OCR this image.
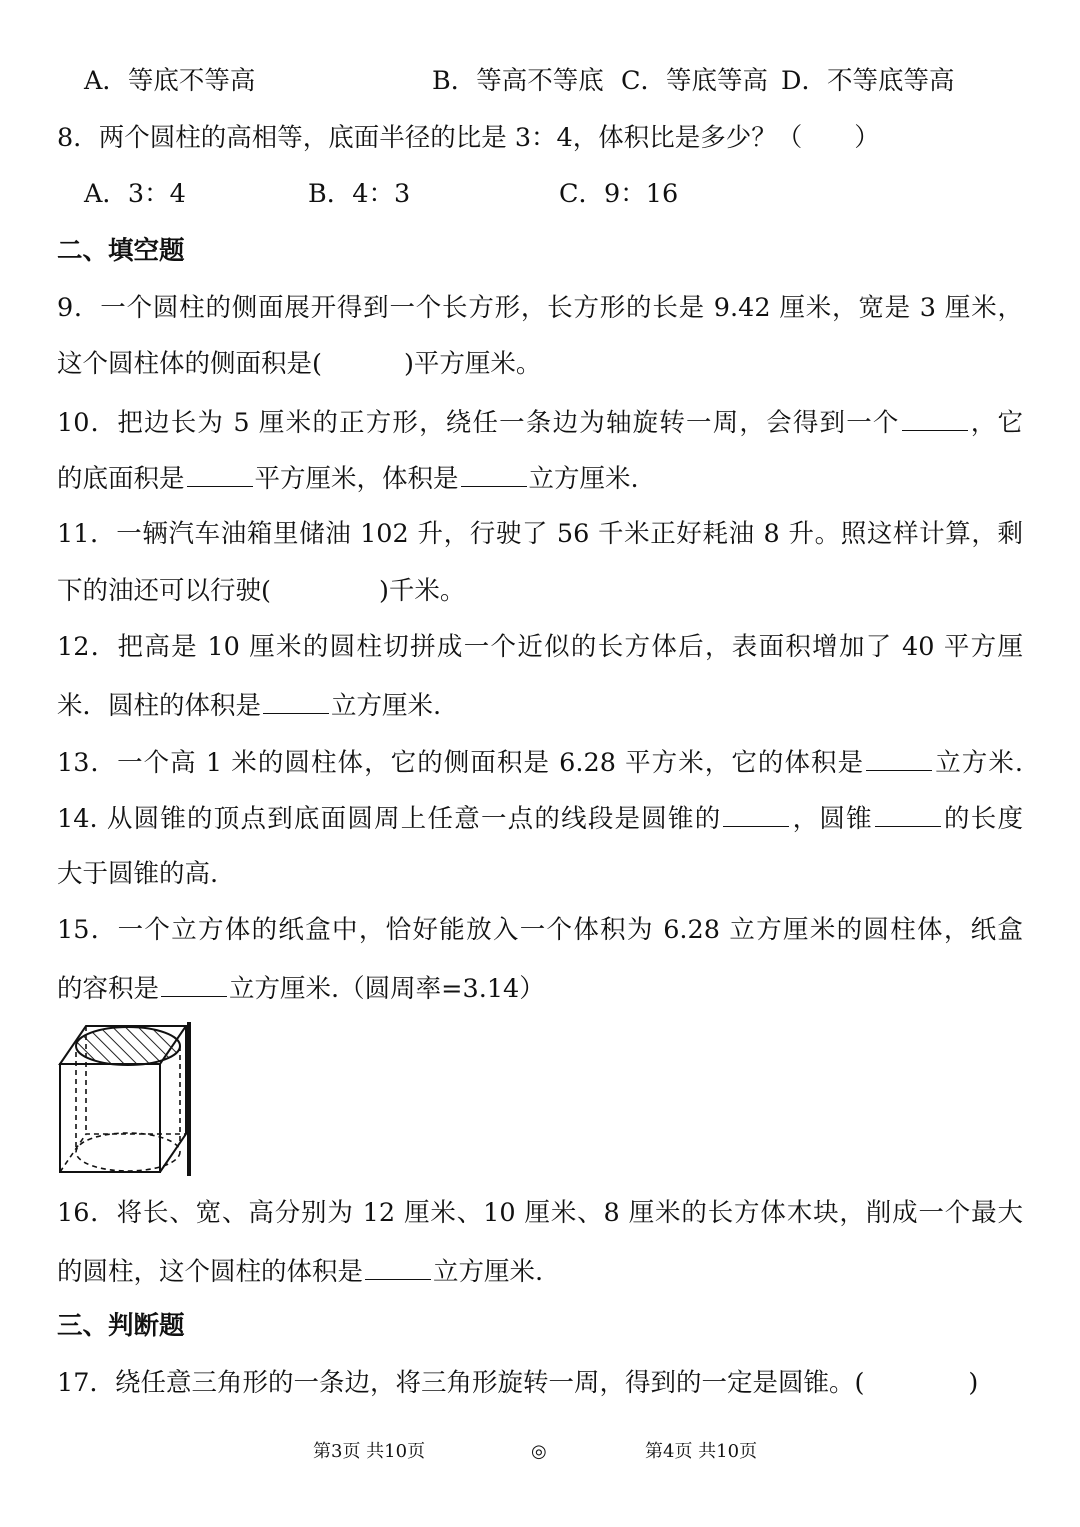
A．等底不等高	B．等高不等底 C．等底等高 D．不等底等高
8．两个圆柱的高相等，底面半径的比是 3：4，体积比是多少？（ ）
A．3：4	B．4：3	C．9：16
二、填空题
9．一个圆柱的侧面展开得到一个长方形，长方形的长是 9.42 厘米，宽是 3 厘米，
这个圆柱体的侧面积是(	)平方厘米。
10．把边长为 5 厘米的正方形，绕任一条边为轴旋转一周，会得到一个	，它
的底面积是	平方厘米，体积是	立方厘米.
11．一辆汽车油箱里储油 102 升，行驶了 56 千米正好耗油 8 升。照这样计算，剩
下的油还可以行驶(	)千米。
12．把高是 10 厘米的圆柱切拼成一个近似的长方体后，表面积增加了 40 平方厘
米．圆柱的体积是	立方厘米.
13．一个高 1 米的圆柱体，它的侧面积是 6.28 平方米，它的体积是	立方米.
14. 从圆锥的顶点到底面圆周上任意一点的线段是圆锥的	，圆锥	的长度
大于圆锥的高.
15．一个立方体的纸盒中，恰好能放入一个体积为 6.28 立方厘米的圆柱体，纸盒
的容积是	立方厘米.（圆周率=3.14）
16．将长、宽、高分别为 12 厘米、10 厘米、8 厘米的长方体木块，削成一个最大
的圆柱，这个圆柱的体积是	立方厘米.
三、判断题
17．绕任意三角形的一条边，将三角形旋转一周，得到的一定是圆锥。(	)
第3页 共10页	◎	第4页 共10页
